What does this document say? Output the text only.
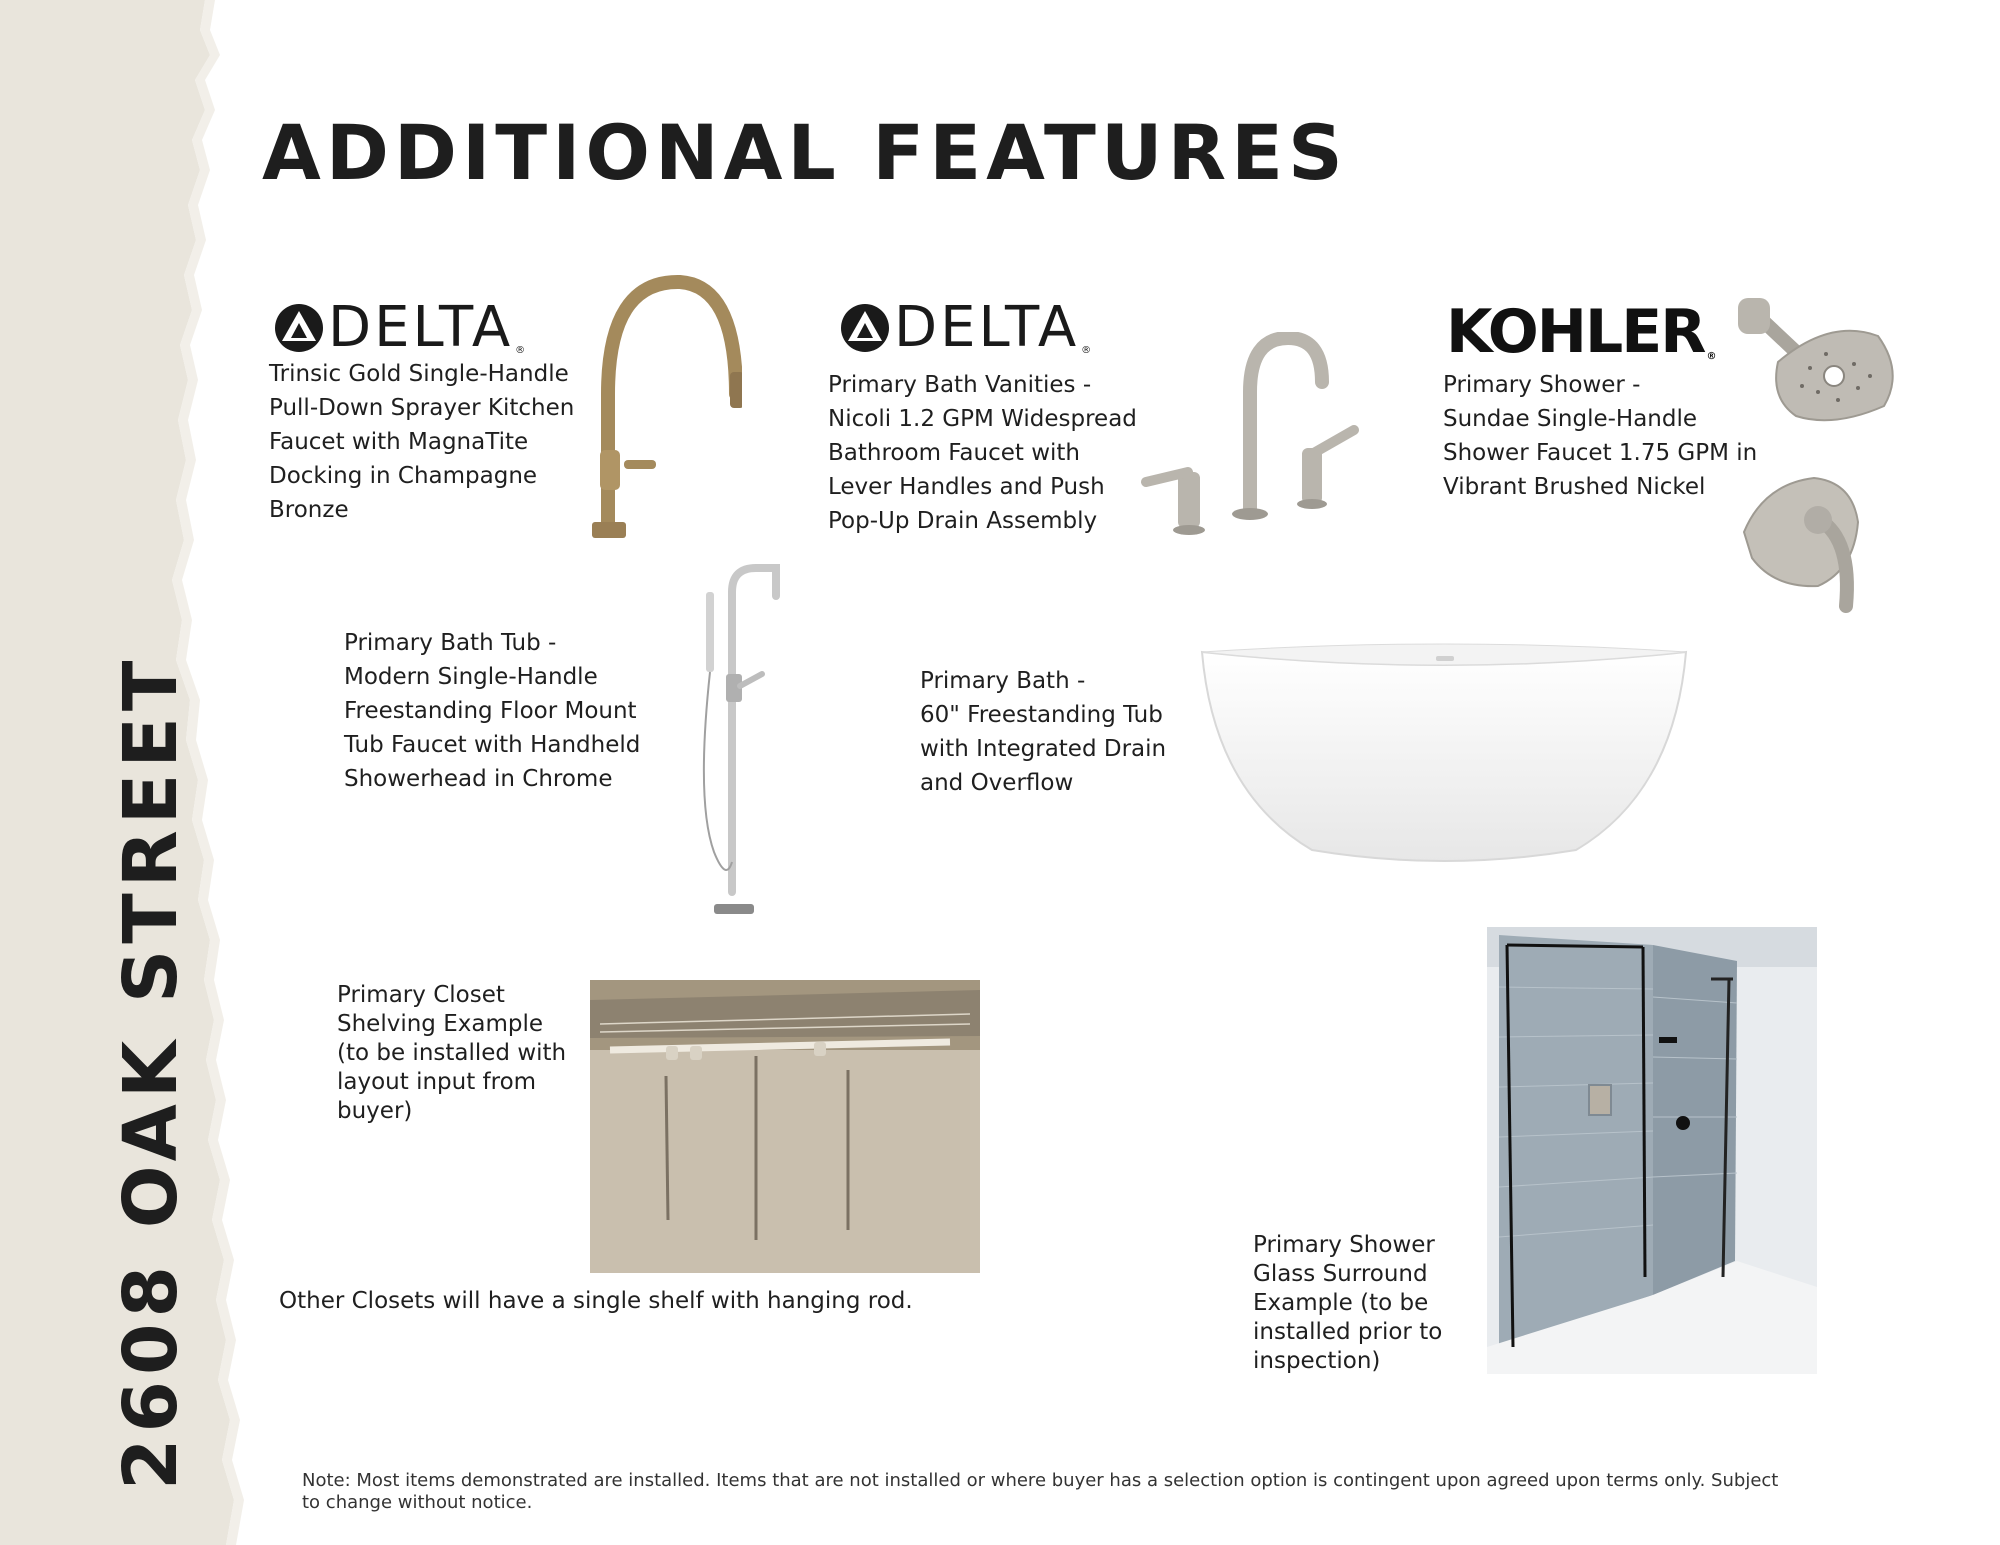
2608 OAK STREET
ADDITIONAL FEATURES
DELTA ®
Trinsic Gold Single-Handle
Pull-Down Sprayer Kitchen
Faucet with MagnaTite
Docking in Champagne
Bronze
DELTA ®
Primary Bath Vanities -
Nicoli 1.2 GPM Widespread
Bathroom Faucet with
Lever Handles and Push
Pop-Up Drain Assembly
KOHLER ®
Primary Shower -
Sundae Single-Handle
Shower Faucet 1.75 GPM in
Vibrant Brushed Nickel
Primary Bath Tub -
Modern Single-Handle
Freestanding Floor Mount
Tub Faucet with Handheld
Showerhead in Chrome
Primary Bath -
60" Freestanding Tub
with Integrated Drain
and Overflow
Primary Closet
Shelving Example
(to be installed with
layout input from
buyer)
Other Closets will have a single shelf with hanging rod.
Primary Shower
Glass Surround
Example (to be
installed prior to
inspection)
Note: Most items demonstrated are installed. Items that are not installed or where buyer has a selection option is contingent upon agreed upon terms only. Subject to change without notice.
